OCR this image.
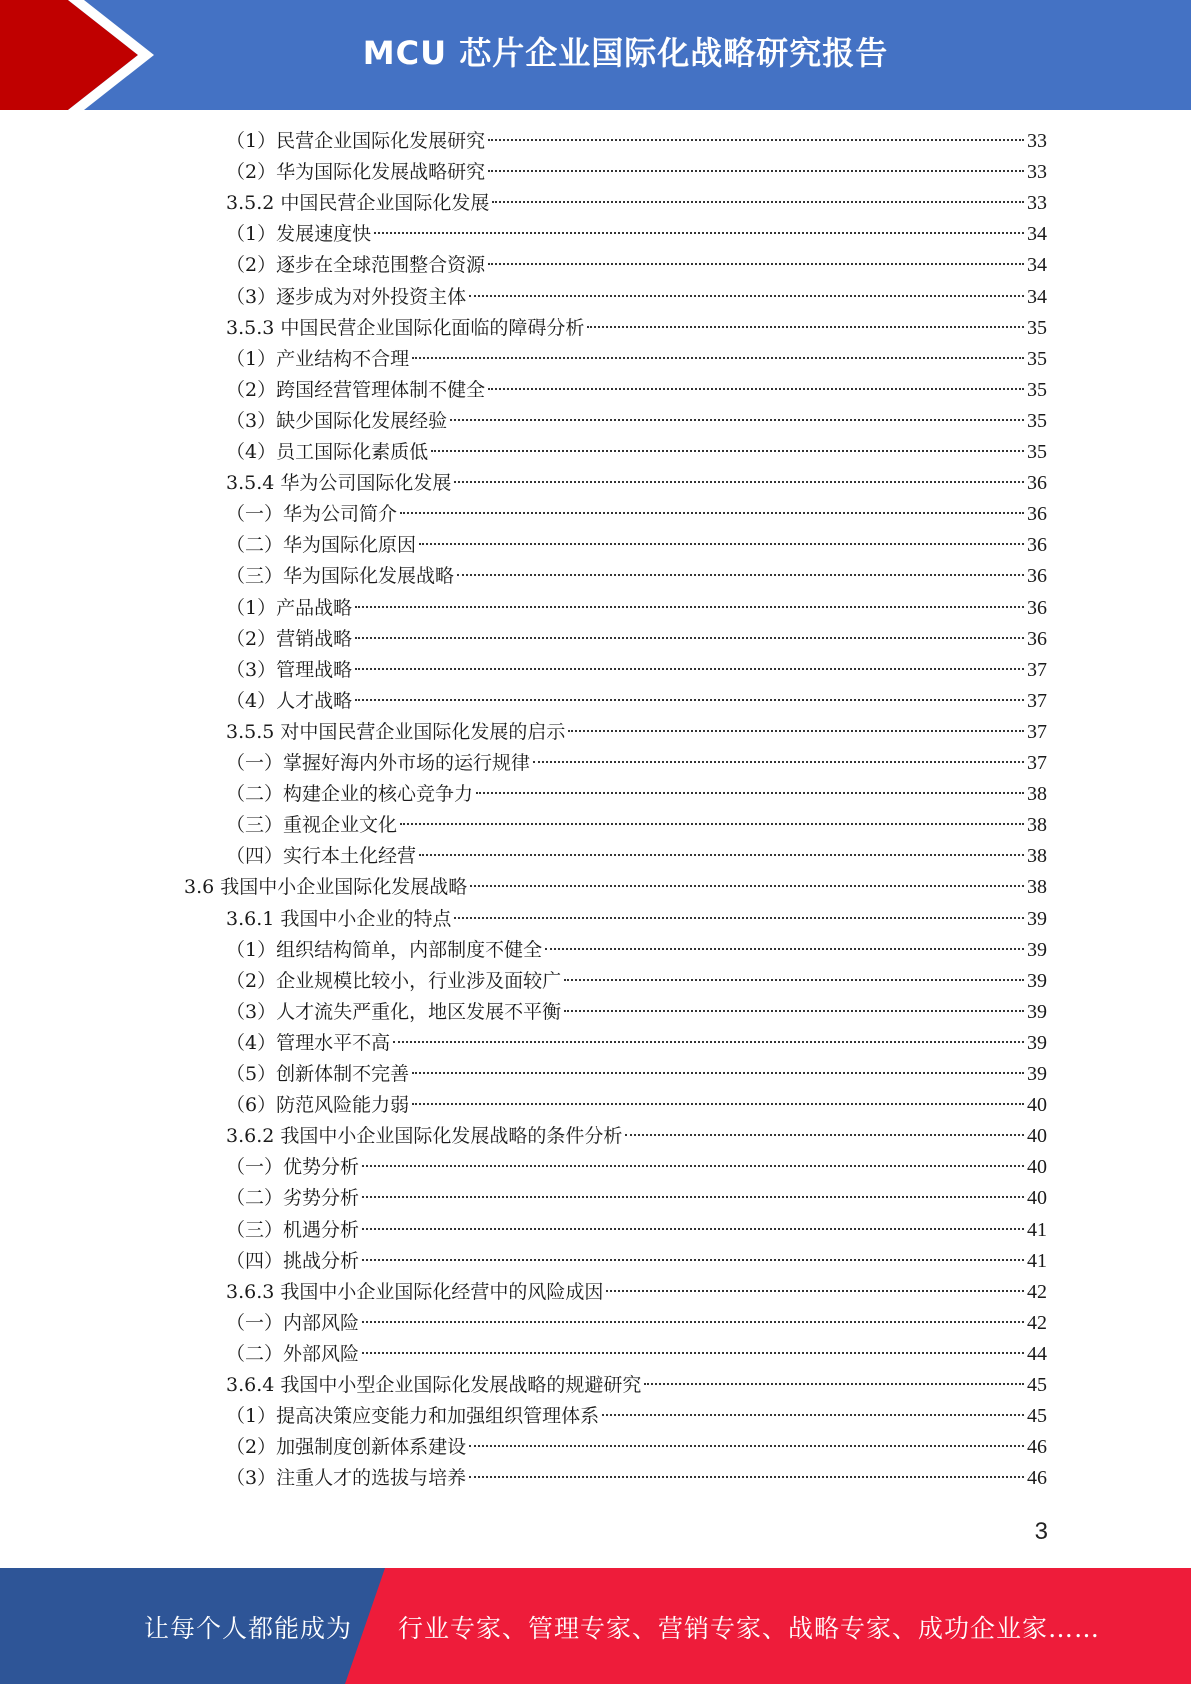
MCU 芯片企业国际化战略研究报告
（1）民营企业国际化发展研究	33
（2）华为国际化发展战略研究	33
3.5.2 中国民营企业国际化发展	33
（1）发展速度快	34
（2）逐步在全球范围整合资源	34
（3）逐步成为对外投资主体	34
3.5.3 中国民营企业国际化面临的障碍分析	35
（1）产业结构不合理	35
（2）跨国经营管理体制不健全	35
（3）缺少国际化发展经验	35
（4）员工国际化素质低	35
3.5.4 华为公司国际化发展	36
（一）华为公司简介	36
（二）华为国际化原因	36
（三）华为国际化发展战略	36
（1）产品战略	36
（2）营销战略	36
（3）管理战略	37
（4）人才战略	37
3.5.5 对中国民营企业国际化发展的启示	37
（一）掌握好海内外市场的运行规律	37
（二）构建企业的核心竞争力	38
（三）重视企业文化	38
（四）实行本土化经营	38
3.6 我国中小企业国际化发展战略	38
3.6.1 我国中小企业的特点	39
（1）组织结构简单，内部制度不健全	39
（2）企业规模比较小，行业涉及面较广	39
（3）人才流失严重化，地区发展不平衡	39
（4）管理水平不高	39
（5）创新体制不完善	39
（6）防范风险能力弱	40
3.6.2 我国中小企业国际化发展战略的条件分析	40
（一）优势分析	40
（二）劣势分析	40
（三）机遇分析	41
（四）挑战分析	41
3.6.3 我国中小企业国际化经营中的风险成因	42
（一）内部风险	42
（二）外部风险	44
3.6.4 我国中小型企业国际化发展战略的规避研究	45
（1）提高决策应变能力和加强组织管理体系	45
（2）加强制度创新体系建设	46
（3）注重人才的选拔与培养	46
3
让每个人都能成为 行业专家、管理专家、营销专家、战略专家、成功企业家……
